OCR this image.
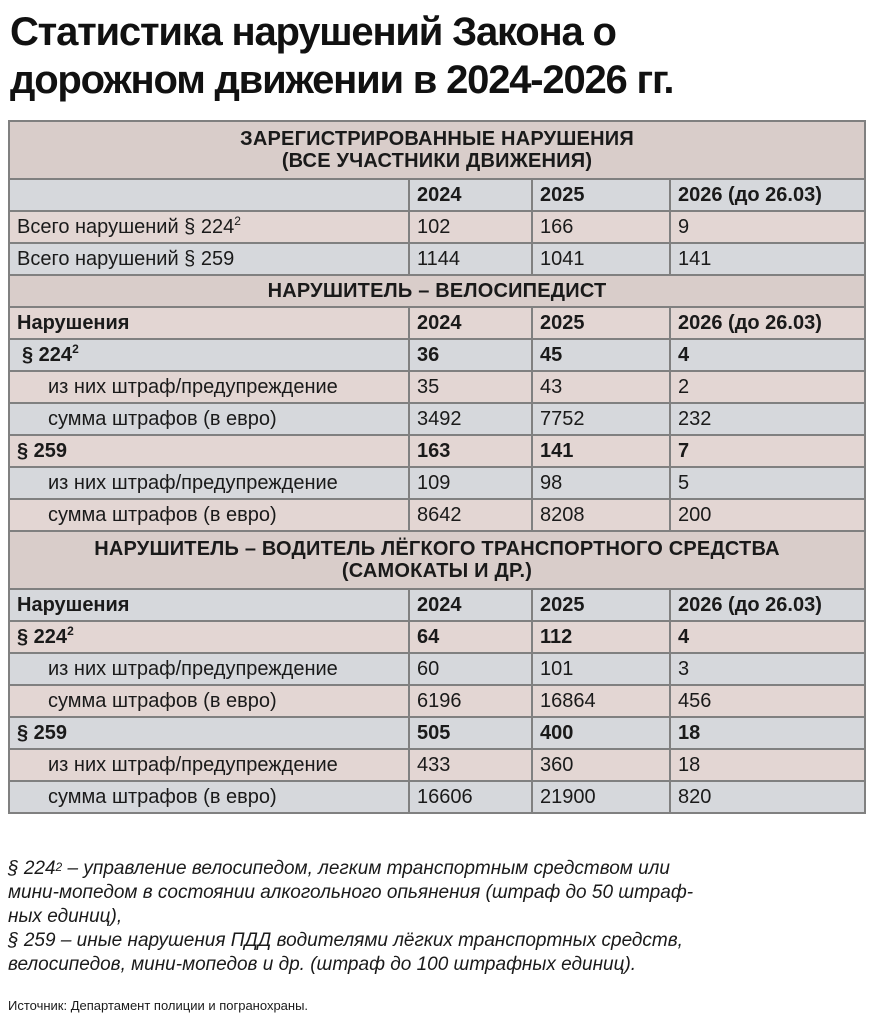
Статистика нарушений Закона о
дорожном движении в 2024-2026 гг.
ЗАРЕГИСТРИРОВАННЫЕ НАРУШЕНИЯ
(ВСЕ УЧАСТНИКИ ДВИЖЕНИЯ)			

	2024	2025	2026 (до 26.03)
Всего нарушений § $224^2$	102	166	9
Всего нарушений § 259	1144	1041	141
НАРУШИТЕЛЬ – ВЕЛОСИПЕДИСТ			
Нарушения	2024	2025	2026 (до 26.03)
§ $224^2$	36	45	4
из них штраф/предупреждение	35	43	2
сумма штрафов (в евро)	3492	7752	232
§ 259	163	141	7
из них штраф/предупреждение	109	98	5
сумма штрафов (в евро)	8642	8208	200

НАРУШИТЕЛЬ – ВОДИТЕЛЬ ЛЁГКОГО ТРАНСПОРТНОГО СРЕДСТВА
(САМОКАТЫ И ДР.)			

Нарушения	2024	2025	2026 (до 26.03)
§ $224^2$	64	112	4
из них штраф/предупреждение	60	101	3
сумма штрафов (в евро)	6196	16864	456
§ 259	505	400	18
из них штраф/предупреждение	433	360	18
сумма штрафов (в евро)	16606	21900	820

§ $224^2$ – управление велосипедом, легким транспортным средством или

мини-мопедом в состоянии алкогольного опьянения (штраф до 50 штраф-

ных единиц),

§ 259 – иные нарушения ПДД водителями лёгких транспортных средств,

велосипедов, мини-мопедов и др. (штраф до 100 штрафных единиц).

Источник: Департамент полиции и погранохраны.
